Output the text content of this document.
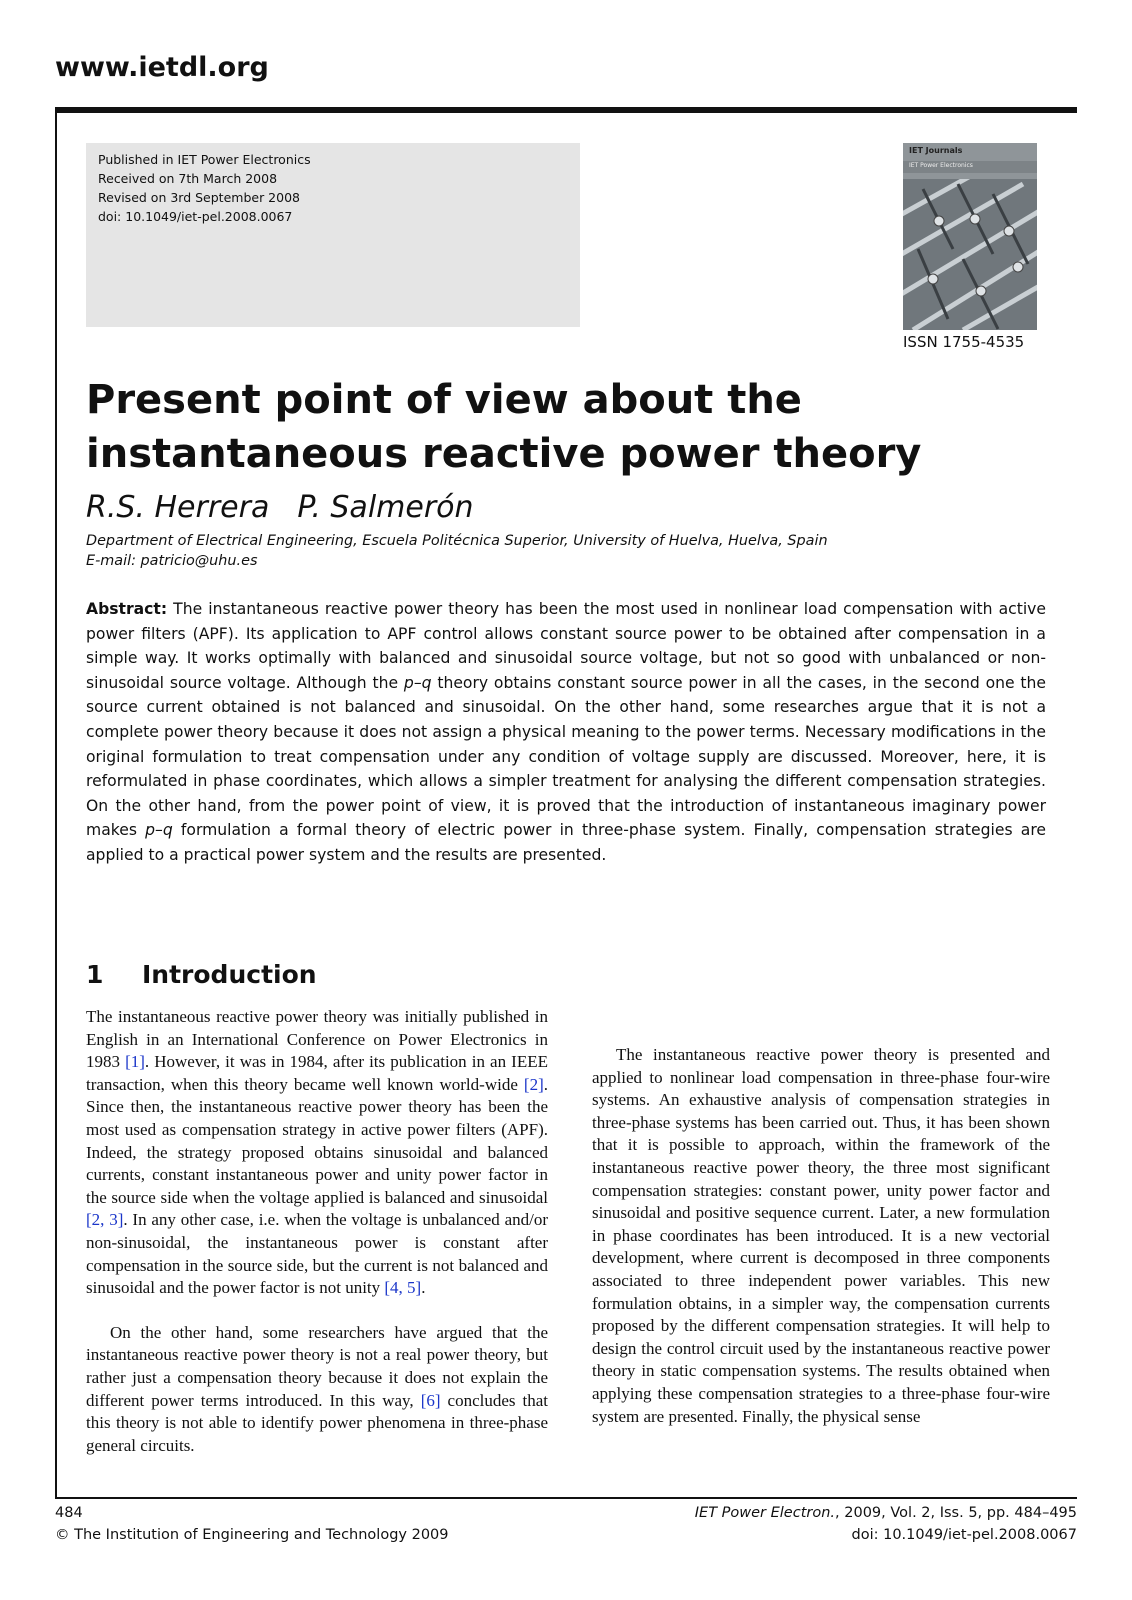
www.ietdl.org
Published in IET Power Electronics
Received on 7th March 2008
Revised on 3rd September 2008
doi: 10.1049/iet-pel.2008.0067
IET Journals
IET Power Electronics
ISSN 1755-4535
Present point of view about the instantaneous reactive power theory
R.S. Herrera P. Salmerón
Department of Electrical Engineering, Escuela Politécnica Superior, University of Huelva, Huelva, Spain
E-mail: patricio@uhu.es

Abstract: The instantaneous reactive power theory has been the most used in nonlinear load compensation with active power filters (APF). Its application to APF control allows constant source power to be obtained after compensation in a simple way. It works optimally with balanced and sinusoidal source voltage, but not so good with unbalanced or non-sinusoidal source voltage. Although the p–q theory obtains constant source power in all the cases, in the second one the source current obtained is not balanced and sinusoidal. On the other hand, some researches argue that it is not a complete power theory because it does not assign a physical meaning to the power terms. Necessary modifications in the original formulation to treat compensation under any condition of voltage supply are discussed. Moreover, here, it is reformulated in phase coordinates, which allows a simpler treatment for analysing the different compensation strategies. On the other hand, from the power point of view, it is proved that the introduction of instantaneous imaginary power makes p–q formulation a formal theory of electric power in three-phase system. Finally, compensation strategies are applied to a practical power system and the results are presented.

1 Introduction

The instantaneous reactive power theory was initially published in English in an International Conference on Power Electronics in 1983 [1]. However, it was in 1984, after its publication in an IEEE transaction, when this theory became well known world-wide [2]. Since then, the instantaneous reactive power theory has been the most used as compensation strategy in active power filters (APF). Indeed, the strategy proposed obtains sinusoidal and balanced currents, constant instantaneous power and unity power factor in the source side when the voltage applied is balanced and sinusoidal [2, 3]. In any other case, i.e. when the voltage is unbalanced and/or non-sinusoidal, the instantaneous power is constant after compensation in the source side, but the current is not balanced and sinusoidal and the power factor is not unity [4, 5].

On the other hand, some researchers have argued that the instantaneous reactive power theory is not a real power theory, but rather just a compensation theory because it does not explain the different power terms introduced. In this way, [6] concludes that this theory is not able to identify power phenomena in three-phase general circuits.

The instantaneous reactive power theory is presented and applied to nonlinear load compensation in three-phase four-wire systems. An exhaustive analysis of compensation strategies in three-phase systems has been carried out. Thus, it has been shown that it is possible to approach, within the framework of the instantaneous reactive power theory, the three most significant compensation strategies: constant power, unity power factor and sinusoidal and positive sequence current. Later, a new formulation in phase coordinates has been introduced. It is a new vectorial development, where current is decomposed in three components associated to three independent power variables. This new formulation obtains, in a simpler way, the compensation currents proposed by the different compensation strategies. It will help to design the control circuit used by the instantaneous reactive power theory in static compensation systems. The results obtained when applying these compensation strategies to a three-phase four-wire system are presented. Finally, the physical sense

484
© The Institution of Engineering and Technology 2009
IET Power Electron., 2009, Vol. 2, Iss. 5, pp. 484–495
doi: 10.1049/iet-pel.2008.0067
